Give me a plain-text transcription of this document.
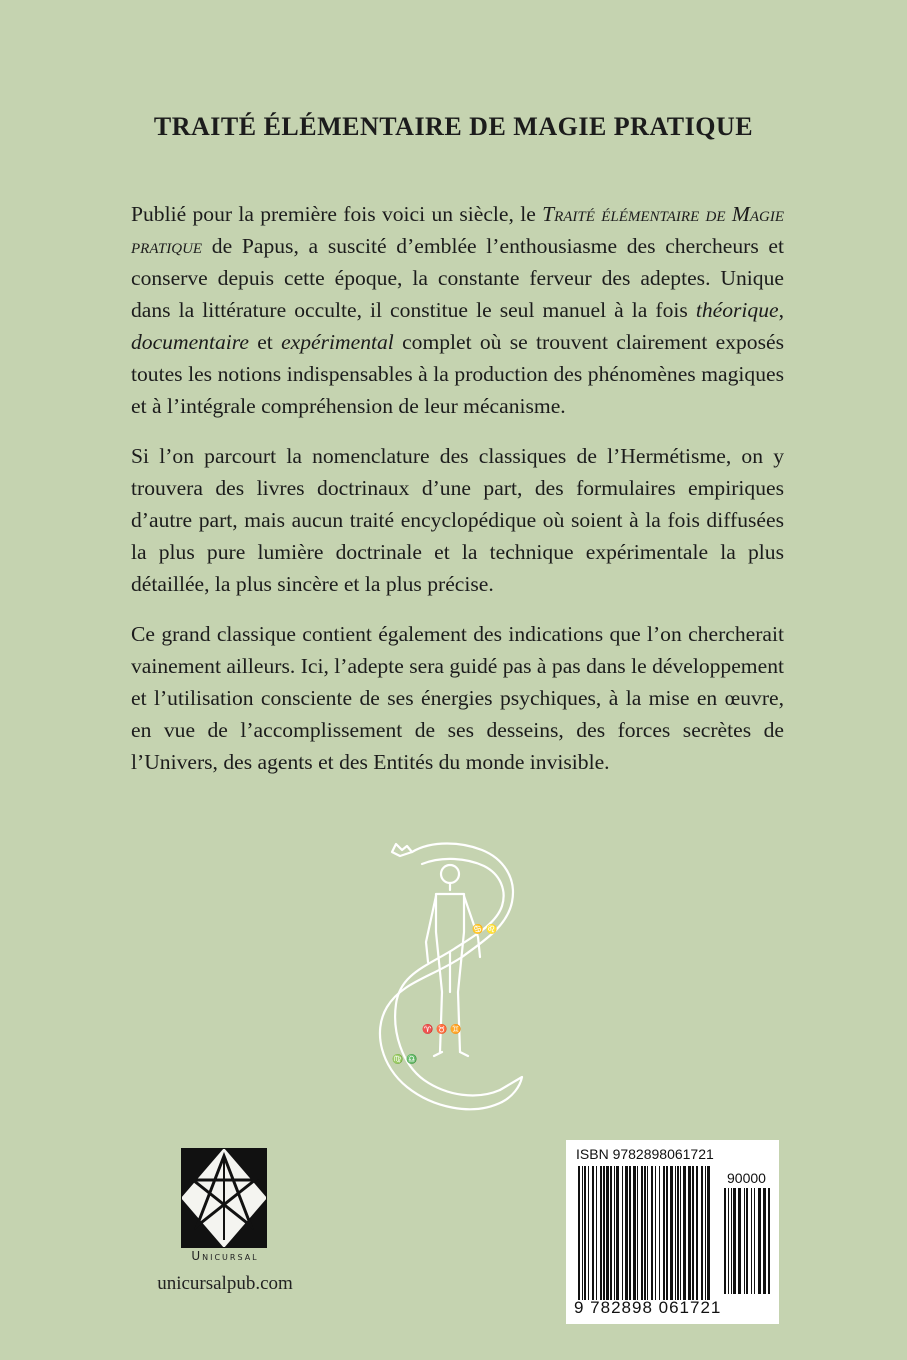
TRAITÉ ÉLÉMENTAIRE DE MAGIE PRATIQUE

Publié pour la première fois voici un siècle, le Traité élémentaire de Magie pratique de Papus, a suscité d’emblée l’enthousiasme des chercheurs et conserve depuis cette époque, la constante ferveur des adeptes. Unique dans la littérature occulte, il constitue le seul manuel à la fois théorique, documentaire et expérimental complet où se trouvent clairement exposés toutes les notions indispensables à la production des phénomènes magiques et à l’intégrale compréhension de leur mécanisme.

Si l’on parcourt la nomenclature des classiques de l’Hermétisme, on y trouvera des livres doctrinaux d’une part, des formulaires empiriques d’autre part, mais aucun traité encyclopédique où soient à la fois diffusées la plus pure lumière doctrinale et la technique expérimentale la plus détaillée, la plus sincère et la plus précise.

Ce grand classique contient également des indications que l’on chercherait vainement ailleurs. Ici, l’adepte sera guidé pas à pas dans le développement et l’utilisation consciente de ses énergies psychiques, à la mise en œuvre, en vue de l’accomplissement de ses desseins, des forces secrètes de l’Univers, des agents et des Entités du monde invisible.

♈ ♉ ♊
♋ ♌
♍ ♎
Unicursal
unicursalpub.com
ISBN 9782898061721
90000
9 782898 061721
